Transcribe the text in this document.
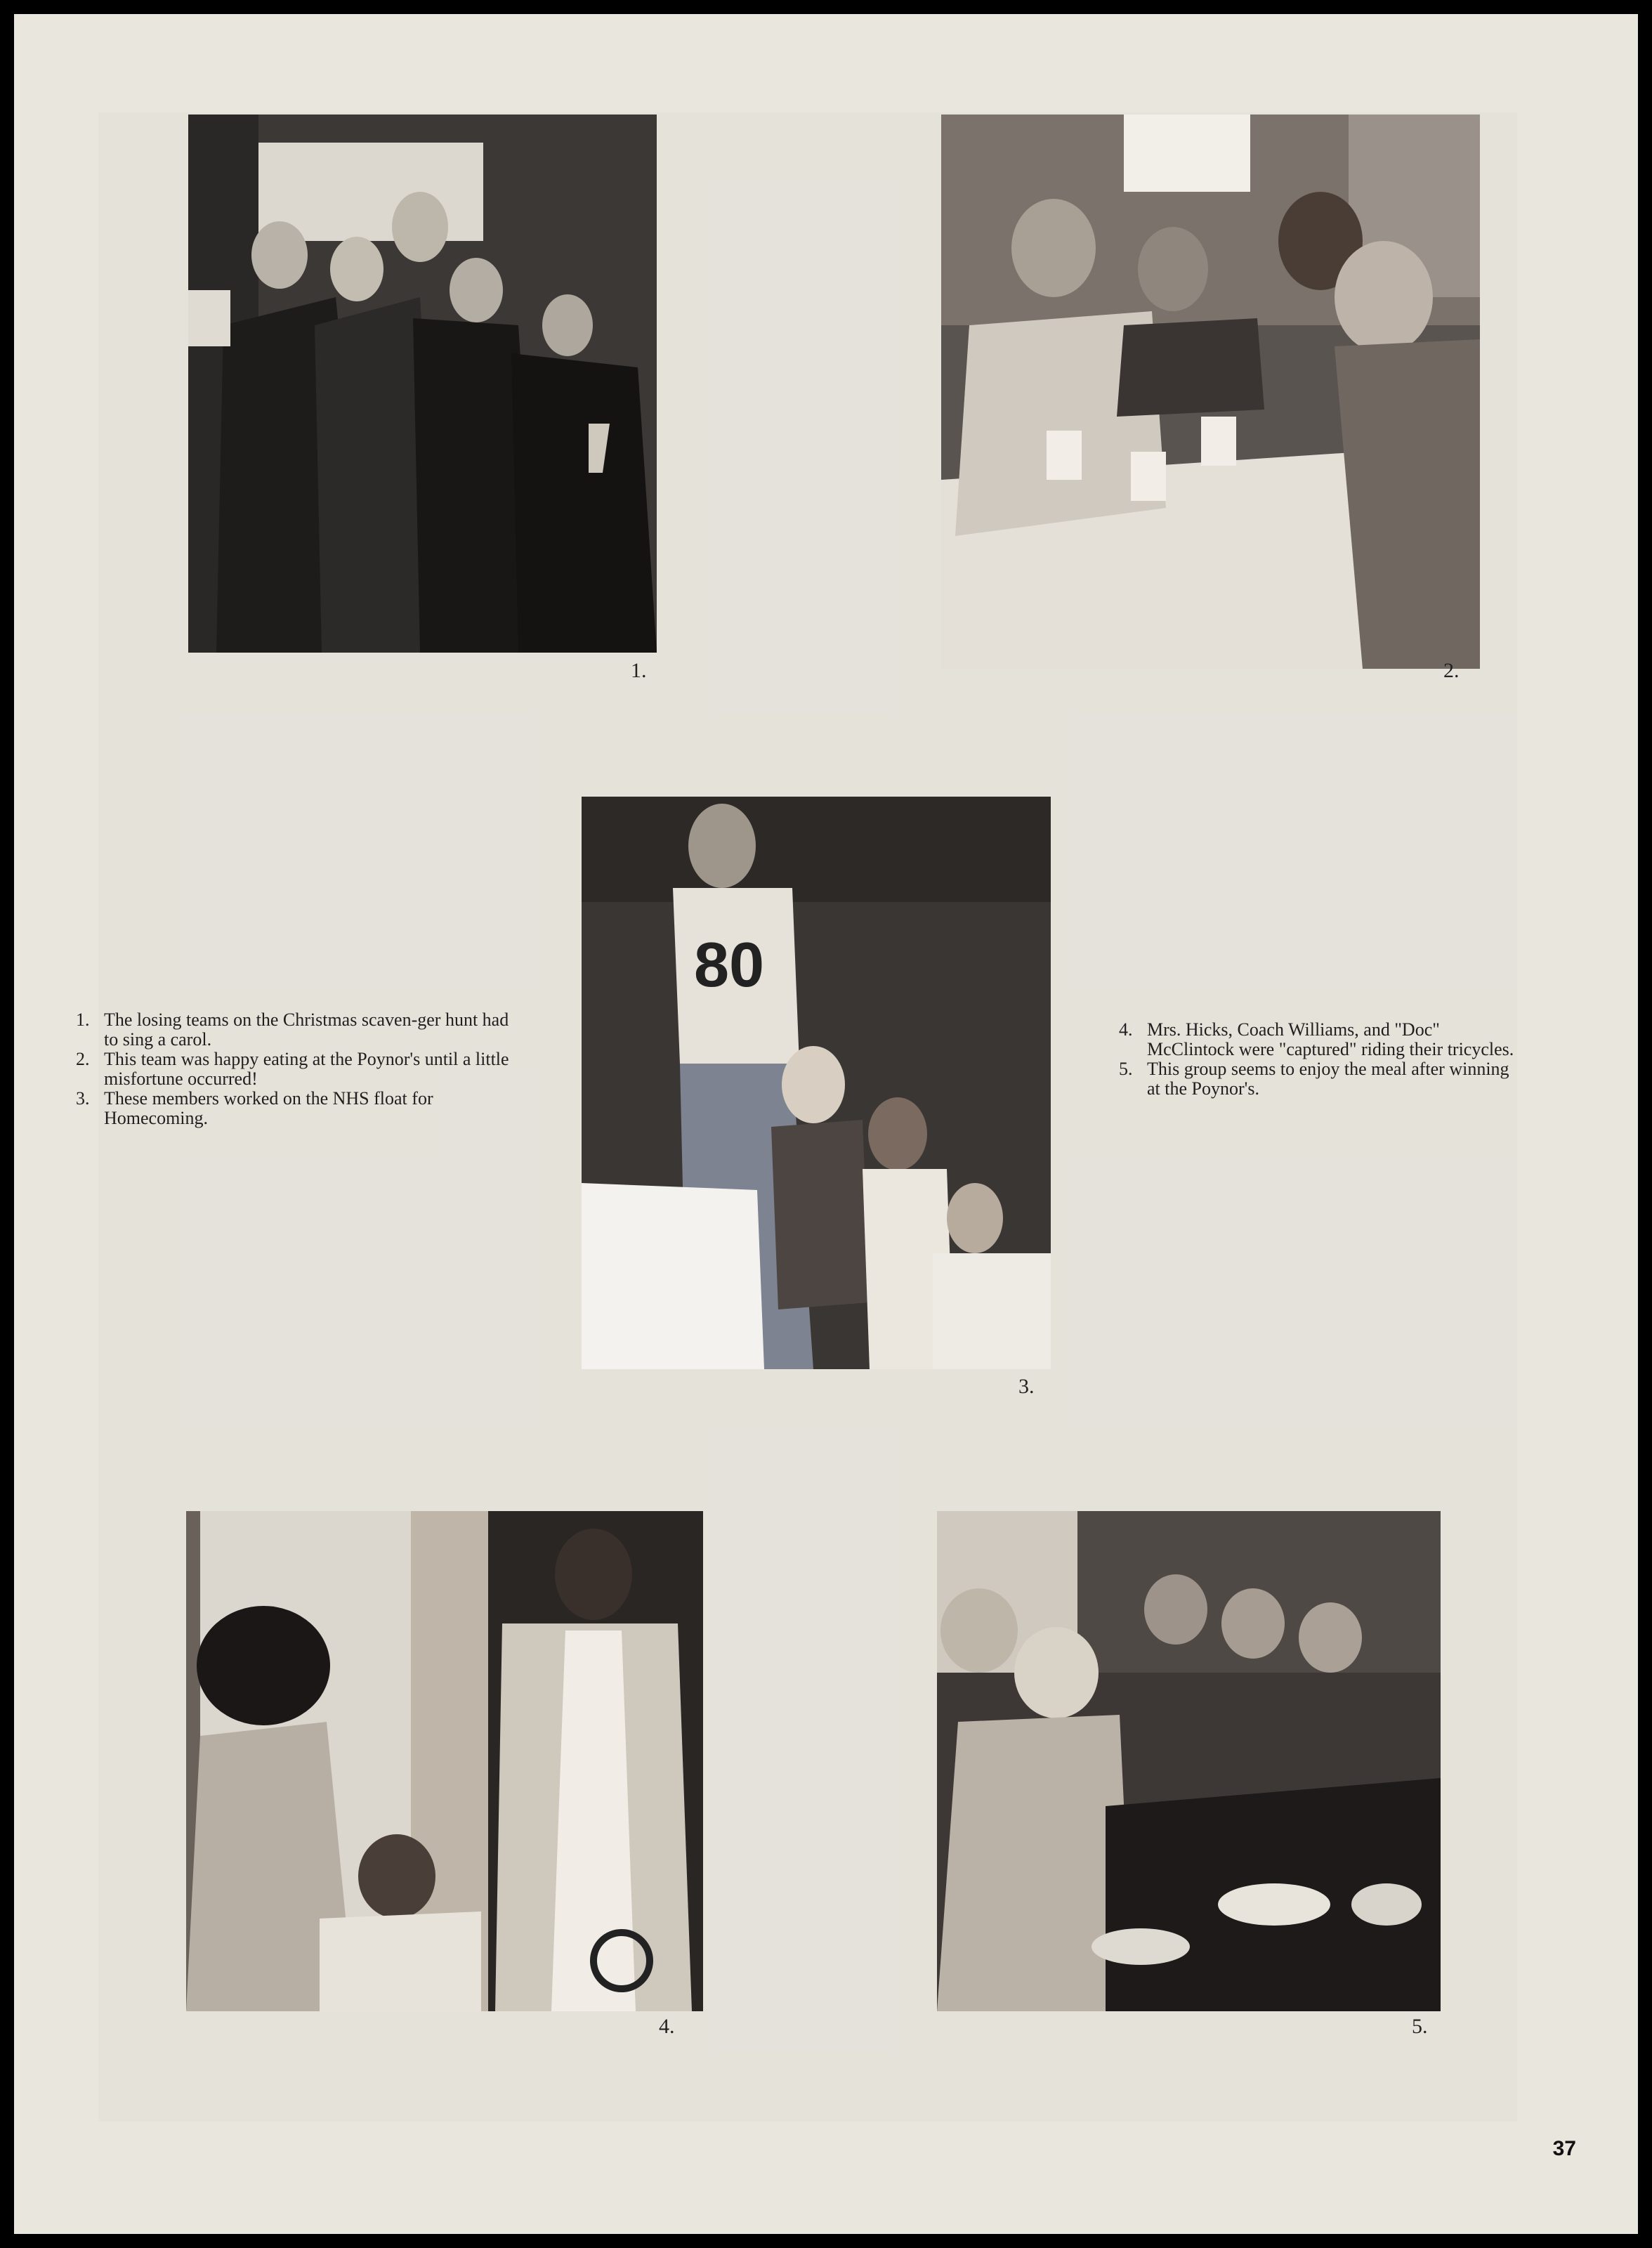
1.	2.
80
3.
4.	5.
1. The losing teams on the Christmas scaven-ger hunt had to sing a carol.
2. This team was happy eating at the Poynor's until a little misfortune occurred!
3. These members worked on the NHS float for Homecoming.
4. Mrs. Hicks, Coach Williams, and "Doc" McClintock were "captured" riding their tricycles.
5. This group seems to enjoy the meal after winning at the Poynor's.
37
